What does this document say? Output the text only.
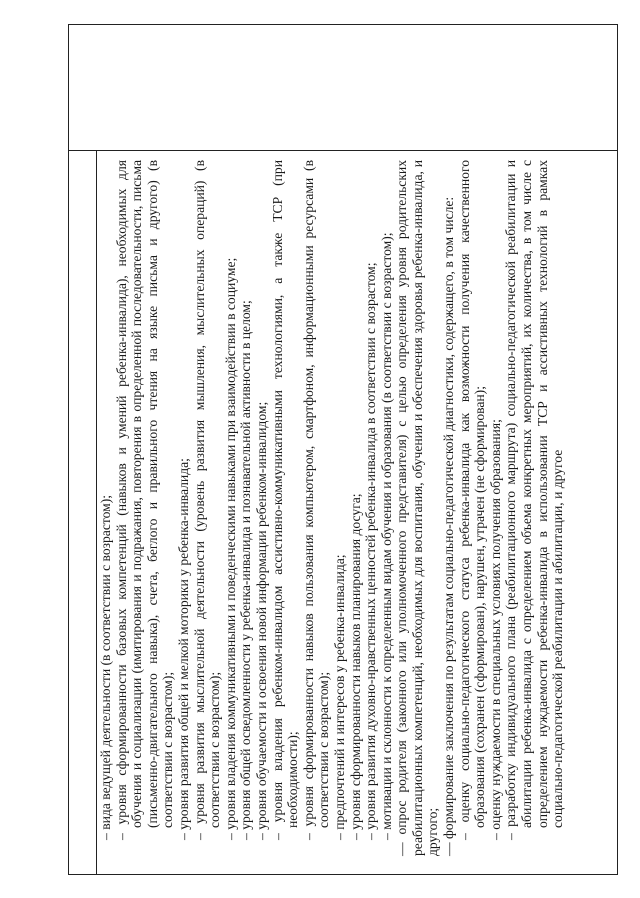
– вида ведущей деятельности (в соответствии с возрастом); – уровня сформированности базовых компетенций (навыков и умений ребенка-инвалида), необходимых для обучения и социализации (имитирования и подражания, повторения в определенной последовательности, письма (письменно-двигательного навыка), счета, беглого и правильного чтения на языке письма и другого) (в соответствии с возрастом); – уровня развития общей и мелкой моторики у ребенка-инвалида; – уровня развития мыслительной деятельности (уровень развития мышления, мыслительных операций) (в соответствии с возрастом); – уровня владения коммуникативными и поведенческими навыками при взаимодействии в социуме; – уровня общей осведомленности у ребенка-инвалида и познавательной активности в целом; – уровня обучаемости и освоения новой информации ребенком-инвалидом; – уровня владения ребенком-инвалидом ассистивно-коммуникативными технологиями, а также ТСР (при необходимости); – уровня сформированности навыков пользования компьютером, смартфоном, информационными ресурсами (в соответствии с возрастом); – предпочтений и интересов у ребенка-инвалида; – уровня сформированности навыков планирования досуга; – уровня развития духовно-нравственных ценностей ребенка-инвалида в соответствии с возрастом; – мотивации и склонности к определенным видам обучения и образования (в соответствии с возрастом); — опрос родителя (законного или уполномоченного представителя) с целью определения уровня родительских реабилитационных компетенций, необходимых для воспитания, обучения и обеспечения здоровья ребенка-инвалида, и другого; — формирование заключения по результатам социально-педагогической диагностики, содержащего, в том числе: – оценку социально-педагогического статуса ребенка-инвалида как возможности получения качественного образования (сохранен (сформирован), нарушен, утрачен (не сформирован); – оценку нуждаемости в специальных условиях получения образования; – разработку индивидуального плана (реабилитационного маршрута) социально-педагогической реабилитации и абилитации ребенка-инвалида с определением объема конкретных мероприятий, их количества, в том числе с определением нуждаемости ребенка-инвалида в использовании ТСР и ассистивных технологий в рамках социально-педагогической реабилитации и абилитации, и другое
